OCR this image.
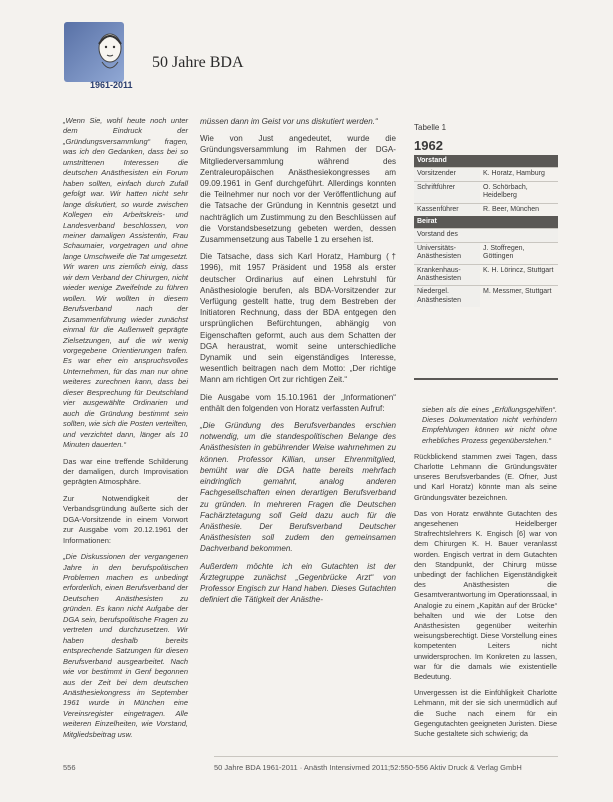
1961-2011
50 Jahre BDA

„Wenn Sie, wohl heute noch unter dem Eindruck der „Gründungsversammlung“ fragen, was ich den Gedanken, dass bei so umstrittenen Interessen die deutschen Anästhesisten ein Forum haben sollten, einfach durch Zufall gefolgt war. Wir hatten nicht sehr lange diskutiert, so wurde zwischen Kollegen ein Arbeitskreis- und Landesverband beschlossen, von meiner damaligen Assistentin, Frau Schaumaier, vorgetragen und ohne lange Umschweife die Tat umgesetzt. Wir waren uns ziemlich einig, dass wir dem Verband der Chirurgen, nicht wieder wenige Zweifelnde zu führen wollen. Wir wollten in diesem Berufsverband nach der Zusammenführung wieder zunächst einmal für die Außenwelt geprägte Zielsetzungen, auf die wir wenig vorgegebene Orientierungen trafen. Es war eher ein anspruchsvolles Unternehmen, für das man nur ohne weiteres zurechnen kann, dass bei dieser Besprechung für Deutschland vier ausgewählte Ordinarien und auch die Gründung bestimmt sein sollten, wie sich die Posten verteilten, und verzichtet dann, länger als 10 Minuten dauerten.“

Das war eine treffende Schilderung der damaligen, durch Improvisation geprägten Atmosphäre.

Zur Notwendigkeit der Verbandsgründung äußerte sich der DGA-Vorsitzende in einem Vorwort zur Ausgabe vom 20.12.1961 der Informationen:

„Die Diskussionen der vergangenen Jahre in den berufspolitischen Problemen machen es unbedingt erforderlich, einen Berufsverband der Deutschen Anästhesisten zu gründen. Es kann nicht Aufgabe der DGA sein, berufspolitische Fragen zu vertreten und durchzusetzen. Wir haben deshalb bereits entsprechende Satzungen für diesen Berufsverband ausgearbeitet. Nach wie vor bestimmt in Genf begonnen aus der Zeit bei dem deutschen Anästhesiekongress im September 1961 wurde in München eine Vereinsregister eingetragen. Alle weiteren Einzelheiten, wie Vorstand, Mitgliedsbeitrag usw.

müssen dann im Geist vor uns diskutiert werden.“

Wie von Just angedeutet, wurde die Gründungsversammlung im Rahmen der DGA-Mitgliederversammlung während des Zentraleuropäischen Anästhesiekongresses am 09.09.1961 in Genf durchgeführt. Allerdings konnten die Teilnehmer nur noch vor der Veröffentlichung auf die Tatsache der Gründung in Kenntnis gesetzt und nachträglich um Zustimmung zu den Beschlüssen auf die Vorstandsbesetzung gebeten werden, dessen Zusammensetzung aus Tabelle 1 zu ersehen ist.

Die Tatsache, dass sich Karl Horatz, Hamburg († 1996), mit 1957 Präsident und 1958 als erster deutscher Ordinarius auf einen Lehrstuhl für Anästhesiologie berufen, als BDA-Vorsitzender zur Verfügung gestellt hatte, trug dem Bestreben der Initiatoren Rechnung, dass der BDA entgegen den ursprünglichen Befürchtungen, abhängig von Eigenschaften geformt, auch aus dem Schatten der DGA heraustrat, womit seine unterschiedliche Dynamik und sein eigenständiges Interesse, wesentlich beitragen nach dem Motto: „Der richtige Mann am richtigen Ort zur richtigen Zeit.“

Die Ausgabe vom 15.10.1961 der „Informationen“ enthält den folgenden von Horatz verfassten Aufruf:

„Die Gründung des Berufsverbandes erschien notwendig, um die standespolitischen Belange des Anästhesisten in gebührender Weise wahrnehmen zu können. Professor Killian, unser Ehrenmitglied, bemüht war die DGA hatte bereits mehrfach eindringlich gemahnt, analog anderen Fachgesellschaften einen derartigen Berufsverband zu gründen. In mehreren Fragen die Deutschen Fachärztetagung soll Geld dazu auch für die Anästhesie. Der Berufsverband Deutscher Anästhesisten soll zudem den gemeinsamen Dachverband bekommen.

Außerdem möchte ich ein Gutachten ist der Ärztegruppe zunächst „Gegenbrücke Arzt“ von Professor Engisch zur Hand haben. Dieses Gutachten definiert die Tätigkeit der Anästhe-

Tabelle 1
1962
Vorstand	
Vorsitzender	K. Horatz, Hamburg
Schriftführer	O. Schörbach, Heidelberg
Kassenführer	R. Beer, München
Beirat	
Vorstand des	
Universitäts-Anästhesisten	J. Stoffregen, Göttingen
Krankenhaus-Anästhesisten	K. H. Lörincz, Stuttgart
Niedergel. Anästhesisten	M. Messmer, Stuttgart

sieben als die eines „Erfüllungsgehilfen“. Dieses Dokumentation nicht verhindern Empfehlungen können wir nicht ohne erhebliches Prozess gegenüberstehen.“

Rückblickend stammen zwei Tagen, dass Charlotte Lehmann die Gründungsväter unseres Berufsverbandes (E. Ofner, Just und Karl Horatz) könnte man als seine Gründungsväter bezeichnen.

Das von Horatz erwähnte Gutachten des angesehenen Heidelberger Strafrechtslehrers K. Engisch [6] war von dem Chirurgen K. H. Bauer veranlasst worden. Engisch vertrat in dem Gutachten den Standpunkt, der Chirurg müsse unbedingt der fachlichen Eigenständigkeit des Anästhesisten die Gesamtverantwortung im Operationssaal, in Analogie zu einem „Kapitän auf der Brücke“ behalten und wie der Lotse den Anästhesisten gegenüber weiterhin weisungsberechtigt. Diese Vorstellung eines kompetenten Leiters nicht unwidersprochen. Im Konkreten zu lassen, war für die damals wie existentielle Bedeutung.

Unvergessen ist die Einfühligkeit Charlotte Lehmann, mit der sie sich unermüdlich auf die Suche nach einem für ein Gegengutachten geeigneten Juristen. Diese Suche gestaltete sich schwierig; da

556	50 Jahre BDA 1961-2011 · Anästh Intensivmed 2011;52:550-556 Aktiv Druck & Verlag GmbH
